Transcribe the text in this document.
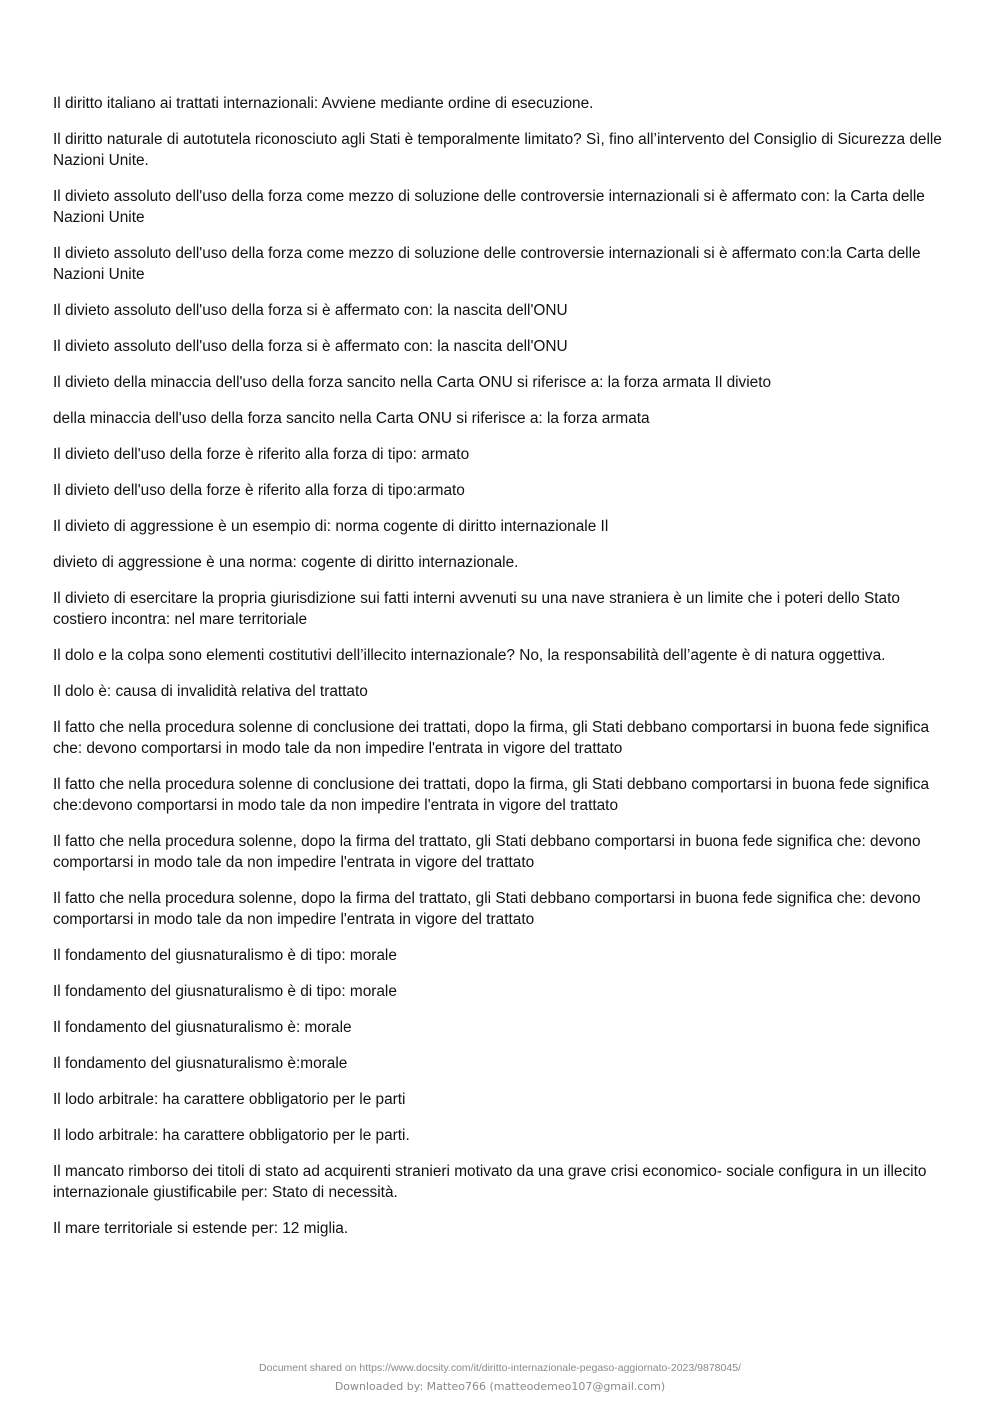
Il diritto italiano ai trattati internazionali: Avviene mediante ordine di esecuzione.

Il diritto naturale di autotutela riconosciuto agli Stati è temporalmente limitato? Sì, fino all’intervento del Consiglio di Sicurezza delle Nazioni Unite.

Il divieto assoluto dell'uso della forza come mezzo di soluzione delle controversie internazionali si è affermato con: la Carta delle Nazioni Unite

Il divieto assoluto dell'uso della forza come mezzo di soluzione delle controversie internazionali si è affermato con:la Carta delle Nazioni Unite

Il divieto assoluto dell'uso della forza si è affermato con: la nascita dell'ONU

Il divieto assoluto dell'uso della forza si è affermato con: la nascita dell'ONU

Il divieto della minaccia dell'uso della forza sancito nella Carta ONU si riferisce a: la forza armata Il divieto

della minaccia dell'uso della forza sancito nella Carta ONU si riferisce a: la forza armata

Il divieto dell'uso della forze è riferito alla forza di tipo: armato

Il divieto dell'uso della forze è riferito alla forza di tipo:armato

Il divieto di aggressione è un esempio di: norma cogente di diritto internazionale Il

divieto di aggressione è una norma: cogente di diritto internazionale.

Il divieto di esercitare la propria giurisdizione sui fatti interni avvenuti su una nave straniera è un limite che i poteri dello Stato costiero incontra: nel mare territoriale

Il dolo e la colpa sono elementi costitutivi dell’illecito internazionale? No, la responsabilità dell’agente è di natura oggettiva.

Il dolo è: causa di invalidità relativa del trattato

Il fatto che nella procedura solenne di conclusione dei trattati, dopo la firma, gli Stati debbano comportarsi in buona fede significa che: devono comportarsi in modo tale da non impedire l'entrata in vigore del trattato

Il fatto che nella procedura solenne di conclusione dei trattati, dopo la firma, gli Stati debbano comportarsi in buona fede significa che:devono comportarsi in modo tale da non impedire l'entrata in vigore del trattato

Il fatto che nella procedura solenne, dopo la firma del trattato, gli Stati debbano comportarsi in buona fede significa che: devono comportarsi in modo tale da non impedire l'entrata in vigore del trattato

Il fatto che nella procedura solenne, dopo la firma del trattato, gli Stati debbano comportarsi in buona fede significa che: devono comportarsi in modo tale da non impedire l'entrata in vigore del trattato

Il fondamento del giusnaturalismo è di tipo: morale

Il fondamento del giusnaturalismo è di tipo: morale

Il fondamento del giusnaturalismo è: morale

Il fondamento del giusnaturalismo è:morale

Il lodo arbitrale: ha carattere obbligatorio per le parti

Il lodo arbitrale: ha carattere obbligatorio per le parti.

Il mancato rimborso dei titoli di stato ad acquirenti stranieri motivato da una grave crisi economico- sociale configura in un illecito internazionale giustificabile per: Stato di necessità.

Il mare territoriale si estende per: 12 miglia.

Document shared on https://www.docsity.com/it/diritto-internazionale-pegaso-aggiornato-2023/9878045/
Downloaded by: Matteo766 (matteodemeo107@gmail.com)
